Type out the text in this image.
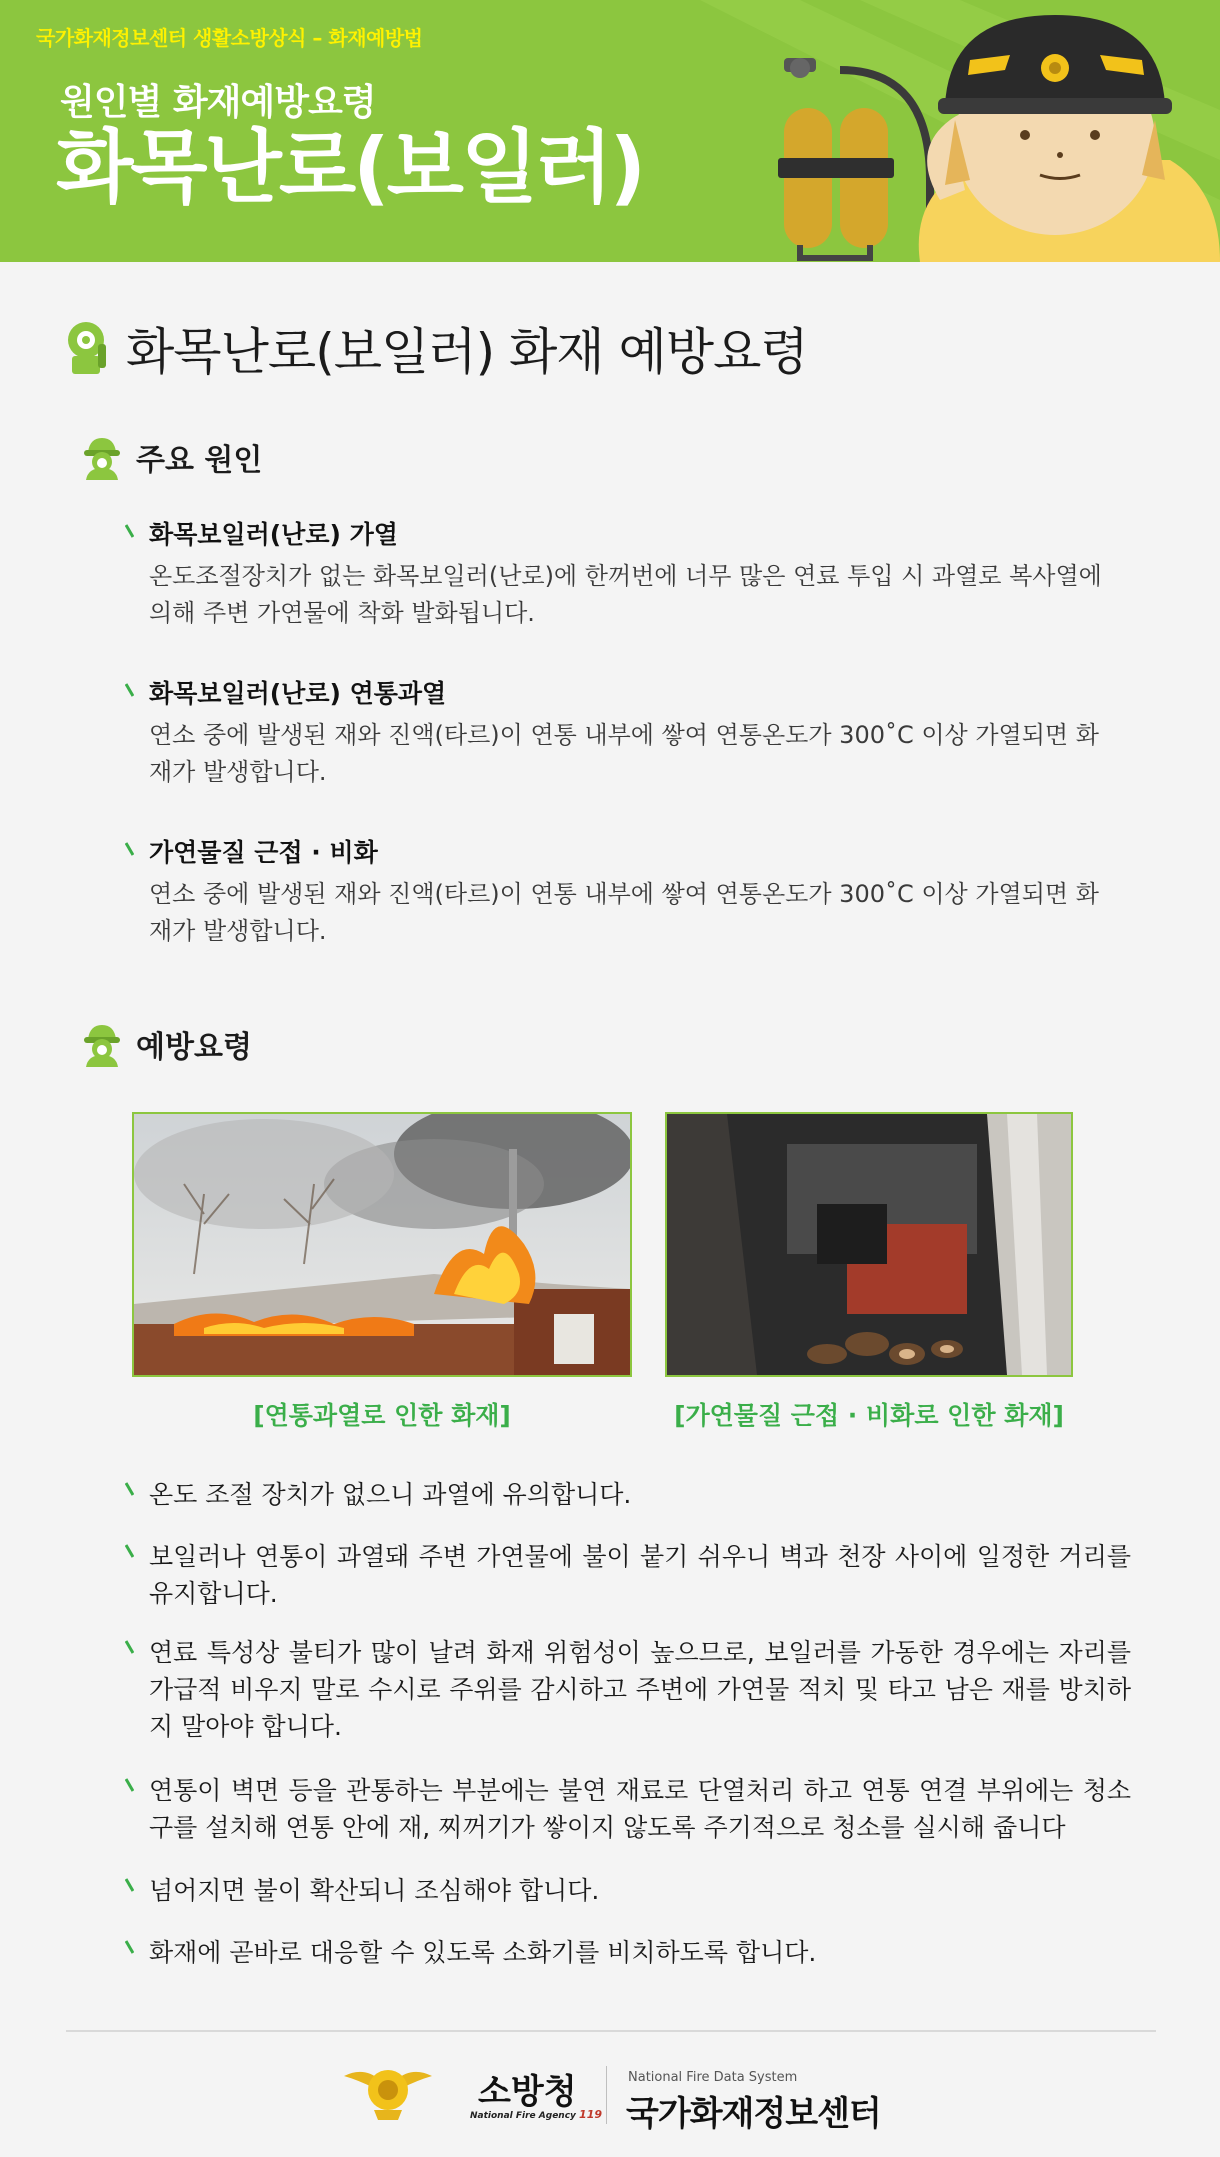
국가화재정보센터 생활소방상식 – 화재예방법
원인별 화재예방요령
화목난로(보일러)
화목난로(보일러) 화재 예방요령
주요 원인
화목보일러(난로) 가열
온도조절장치가 없는 화목보일러(난로)에 한꺼번에 너무 많은 연료 투입 시 과열로 복사열에 의해 주변 가연물에 착화 발화됩니다.
화목보일러(난로) 연통과열
연소 중에 발생된 재와 진액(타르)이 연통 내부에 쌓여 연통온도가 300˚C 이상 가열되면 화재가 발생합니다.
가연물질 근접 · 비화
연소 중에 발생된 재와 진액(타르)이 연통 내부에 쌓여 연통온도가 300˚C 이상 가열되면 화재가 발생합니다.
예방요령
[연통과열로 인한 화재]	[가연물질 근접 · 비화로 인한 화재]
온도 조절 장치가 없으니 과열에 유의합니다.
보일러나 연통이 과열돼 주변 가연물에 불이 붙기 쉬우니 벽과 천장 사이에 일정한 거리를 유지합니다.
연료 특성상 불티가 많이 날려 화재 위험성이 높으므로, 보일러를 가동한 경우에는 자리를 가급적 비우지 말로 수시로 주위를 감시하고 주변에 가연물 적치 및 타고 남은 재를 방치하지 말아야 합니다.
연통이 벽면 등을 관통하는 부분에는 불연 재료로 단열처리 하고 연통 연결 부위에는 청소구를 설치해 연통 안에 재, 찌꺼기가 쌓이지 않도록 주기적으로 청소를 실시해 줍니다
넘어지면 불이 확산되니 조심해야 합니다.
화재에 곧바로 대응할 수 있도록 소화기를 비치하도록 합니다.
소방청
National Fire Agency 119
National Fire Data System
국가화재정보센터
